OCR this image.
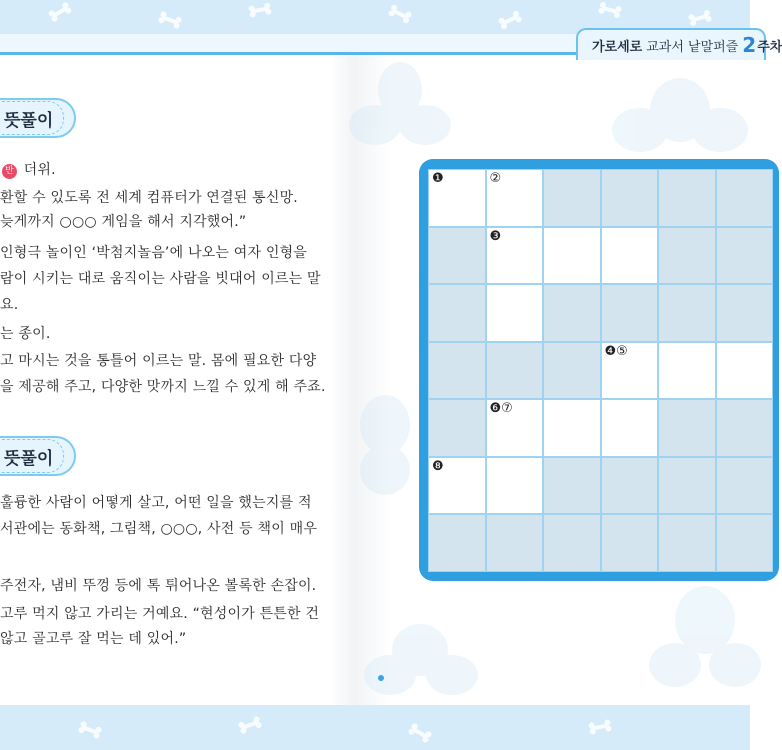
가로세로 교과서 낱말퍼즐 2 주차
뜻풀이
반 더위.
환할 수 있도록 전 세계 컴퓨터가 연결된 통신망.
늦게까지 ○○○ 게임을 해서 지각했어.”
인형극 놀이인 ‘박첨지놀음’에 나오는 여자 인형을
람이 시키는 대로 움직이는 사람을 빗대어 이르는 말
요.
는 종이.
고 마시는 것을 통틀어 이르는 말. 몸에 필요한 다양
을 제공해 주고, 다양한 맛까지 느낄 수 있게 해 주죠.
뜻풀이
훌륭한 사람이 어떻게 살고, 어떤 일을 했는지를 적
서관에는 동화책, 그림책, ○○○, 사전 등 책이 매우
주전자, 냄비 뚜껑 등에 톡 튀어나온 볼록한 손잡이.
고루 먹지 않고 가리는 거예요. “현성이가 튼튼한 건
않고 골고루 잘 먹는 데 있어.”
❶	②
❸
❹⑤
❻⑦
❽
